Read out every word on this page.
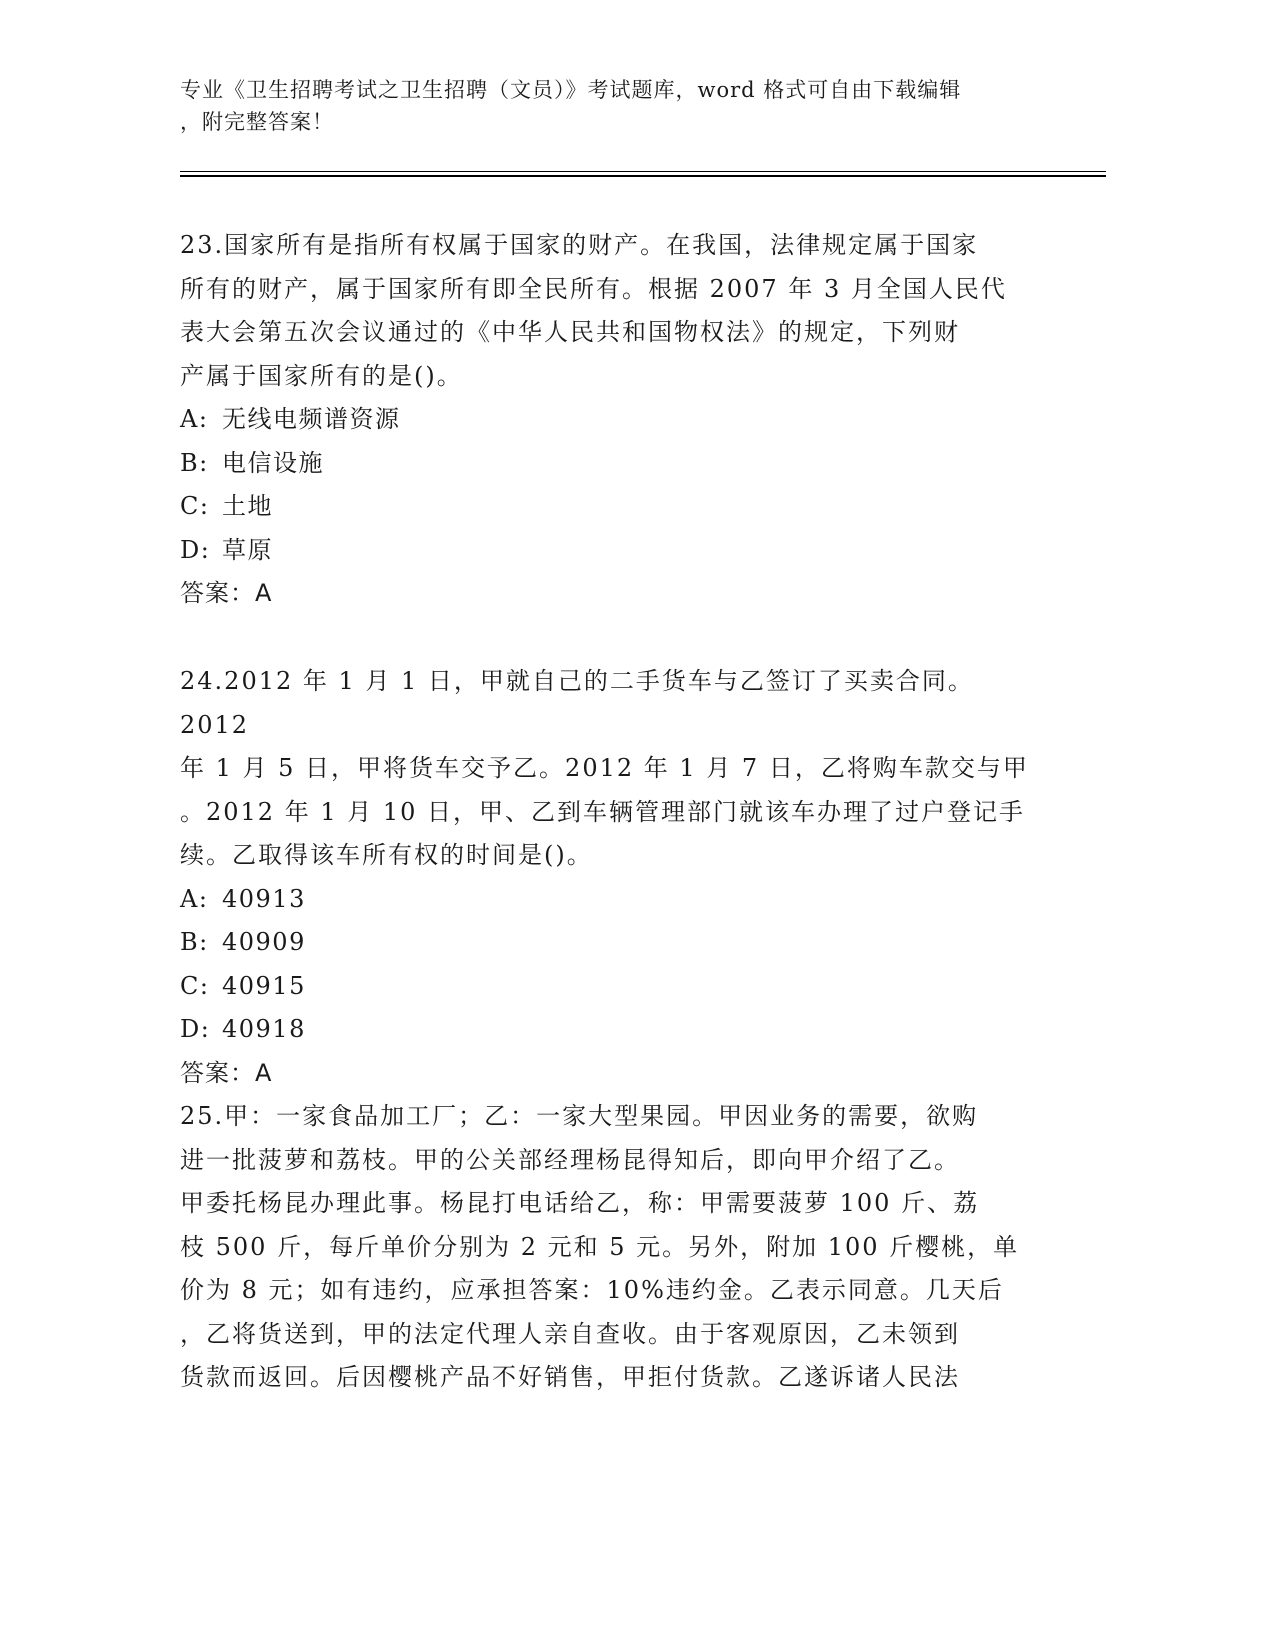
专业《卫生招聘考试之卫生招聘（文员）》考试题库，word 格式可自由下载编辑
，附完整答案！

23.国家所有是指所有权属于国家的财产。在我国，法律规定属于国家
所有的财产，属于国家所有即全民所有。根据 2007 年 3 月全国人民代
表大会第五次会议通过的《中华人民共和国物权法》的规定，下列财
产属于国家所有的是()。

A: 无线电频谱资源

B: 电信设施

C: 土地

D: 草原

答案：A

24.2012 年 1 月 1 日，甲就自己的二手货车与乙签订了买卖合同。2012
年 1 月 5 日，甲将货车交予乙。2012 年 1 月 7 日，乙将购车款交与甲
。2012 年 1 月 10 日，甲、乙到车辆管理部门就该车办理了过户登记手
续。乙取得该车所有权的时间是()。

A: 40913

B: 40909

C: 40915

D: 40918

答案：A

25.甲：一家食品加工厂；乙：一家大型果园。甲因业务的需要，欲购
进一批菠萝和荔枝。甲的公关部经理杨昆得知后，即向甲介绍了乙。
甲委托杨昆办理此事。杨昆打电话给乙，称：甲需要菠萝 100 斤、荔
枝 500 斤，每斤单价分别为 2 元和 5 元。另外，附加 100 斤樱桃，单
价为 8 元；如有违约，应承担答案：10%违约金。乙表示同意。几天后
，乙将货送到，甲的法定代理人亲自查收。由于客观原因，乙未领到
货款而返回。后因樱桃产品不好销售，甲拒付货款。乙遂诉诸人民法
